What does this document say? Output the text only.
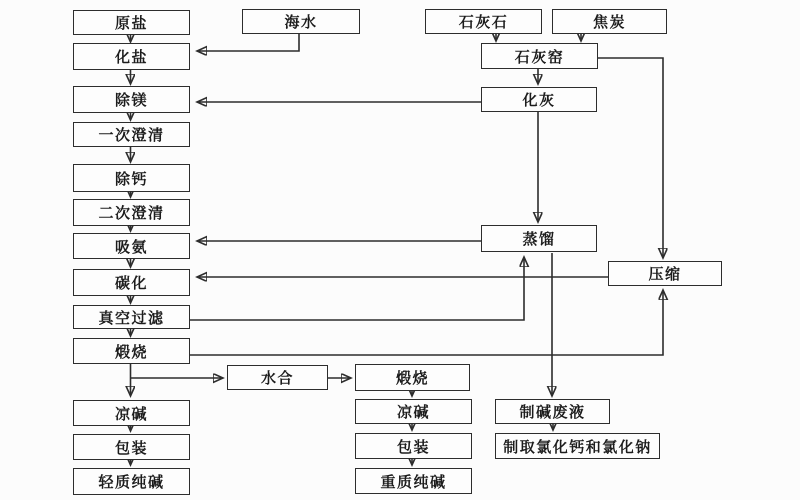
原盐
化盐
除镁
一次澄清
除钙
二次澄清
吸氨
碳化
真空过滤
煅烧
凉碱
包装
轻质纯碱
海水	石灰石	焦炭
石灰窑
化灰
蒸馏
压缩
水合	煅烧
凉碱
包装
重质纯碱
制碱废液
制取氯化钙和氯化钠
